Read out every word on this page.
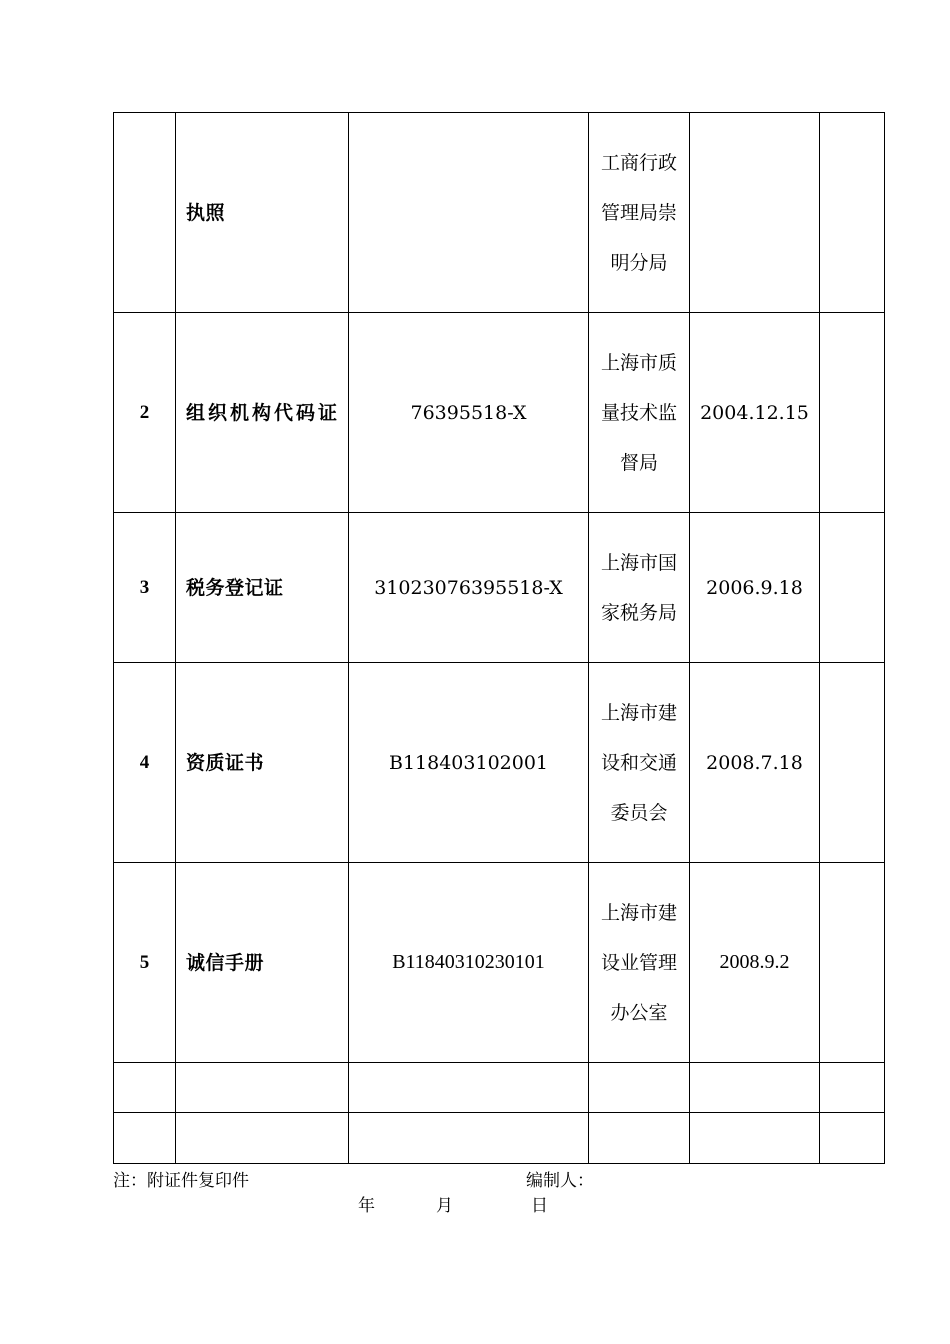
	执照		工商行政管理局崇明分局		
2	组织机构代码证	76395518-X	上海市质量技术监督局	2004.12.15	
3	税务登记证	31023076395518-X	上海市国家税务局	2006.9.18	
4	资质证书	B118403102001	上海市建设和交通委员会	2008.7.18	
5	诚信手册	B11840310230101	上海市建设业管理办公室	2008.9.2	

注：附证件复印件	编制人：
年	月	日
